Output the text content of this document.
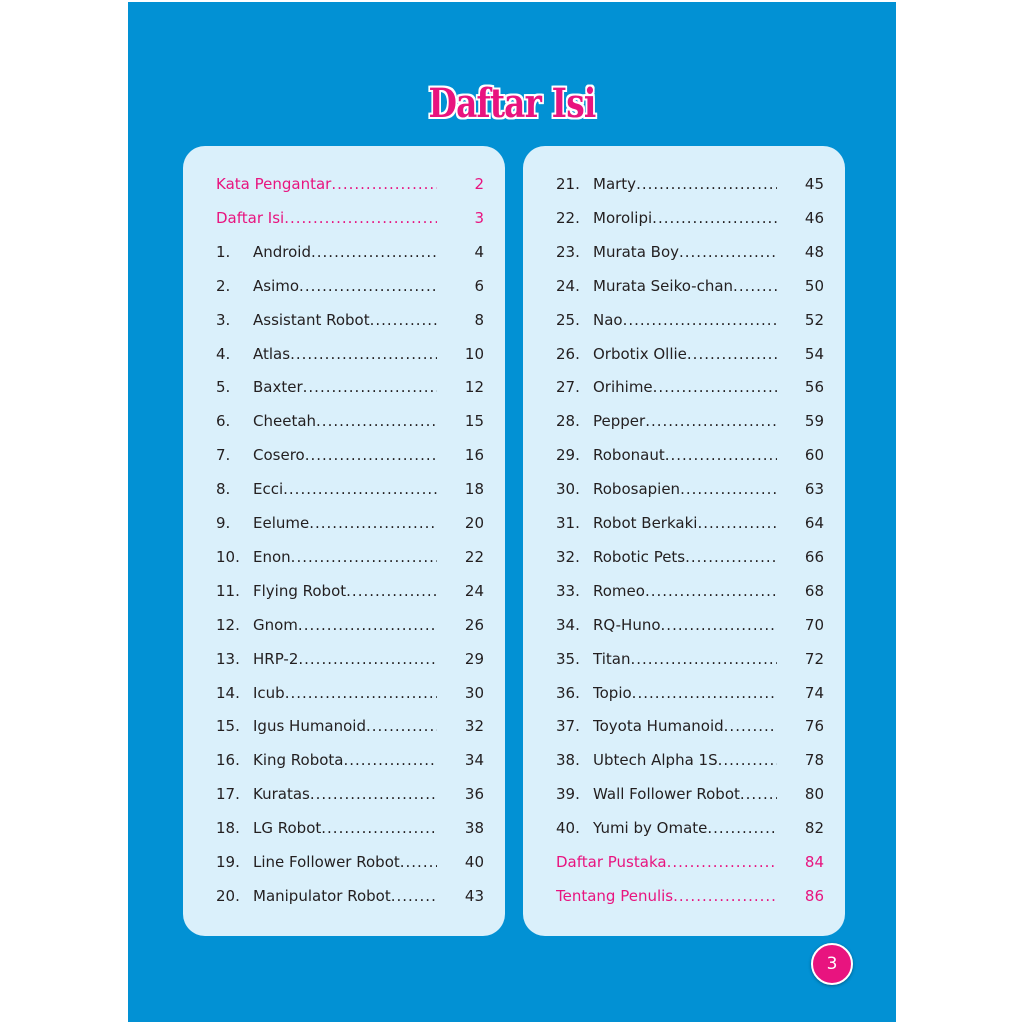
Daftar Isi
Kata Pengantar .....	2
Daftar Isi .....	3
1. Android .....	4
2. Asimo .....	6
3. Assistant Robot .....	8
4. Atlas .....	10
5. Baxter .....	12
6. Cheetah .....	15
7. Cosero .....	16
8. Ecci .....	18
9. Eelume .....	20
10. Enon .....	22
11. Flying Robot .....	24
12. Gnom .....	26
13. HRP-2 .....	29
14. Icub .....	30
15. Igus Humanoid .....	32
16. King Robota .....	34
17. Kuratas .....	36
18. LG Robot .....	38
19. Line Follower Robot .....	40
20. Manipulator Robot .....	43
21. Marty .....	45
22. Morolipi .....	46
23. Murata Boy .....	48
24. Murata Seiko-chan .....	50
25. Nao .....	52
26. Orbotix Ollie .....	54
27. Orihime .....	56
28. Pepper .....	59
29. Robonaut .....	60
30. Robosapien .....	63
31. Robot Berkaki .....	64
32. Robotic Pets .....	66
33. Romeo .....	68
34. RQ-Huno .....	70
35. Titan .....	72
36. Topio .....	74
37. Toyota Humanoid .....	76
38. Ubtech Alpha 1S .....	78
39. Wall Follower Robot .....	80
40. Yumi by Omate .....	82
Daftar Pustaka .....	84
Tentang Penulis .....	86
3
